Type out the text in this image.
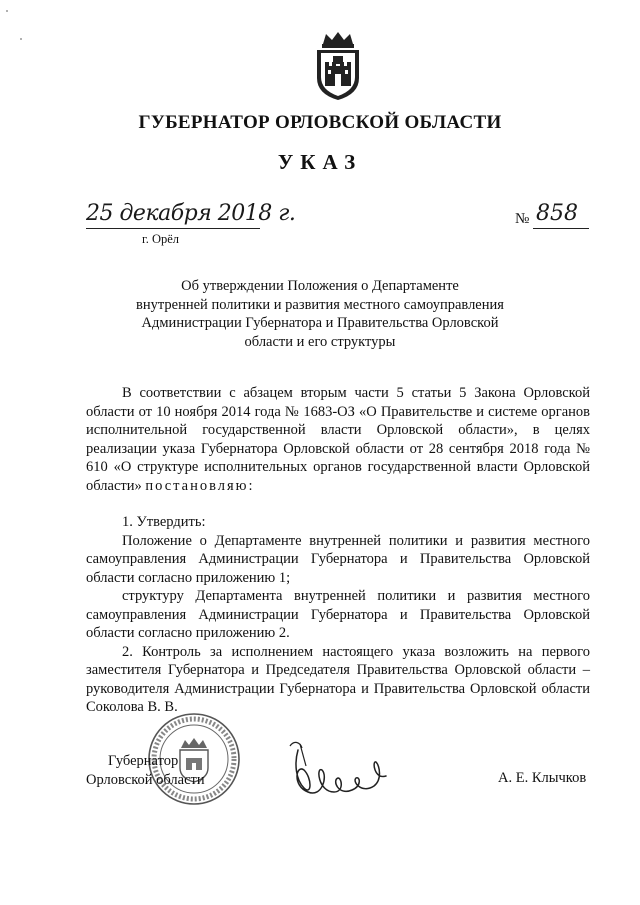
ГУБЕРНАТОР ОРЛОВСКОЙ ОБЛАСТИ
УКАЗ
25 декабря 2018 г.	№ 858
г. Орёл
Об утверждении Положения о Департаменте
внутренней политики и развития местного самоуправления
Администрации Губернатора и Правительства Орловской
области и его структуры

В соответствии с абзацем вторым части 5 статьи 5 Закона Орловской области от 10 ноября 2014 года № 1683-ОЗ «О Правительстве и системе органов исполнительной государственной власти Орловской области», в целях реализации указа Губернатора Орловской области от 28 сентября 2018 года № 610 «О структуре исполнительных органов государственной власти Орловской области» постановляю:

1. Утвердить:

Положение о Департаменте внутренней политики и развития местного самоуправления Администрации Губернатора и Правительства Орловской области согласно приложению 1;

структуру Департамента внутренней политики и развития местного самоуправления Администрации Губернатора и Правительства Орловской области согласно приложению 2.

2. Контроль за исполнением настоящего указа возложить на первого заместителя Губернатора и Председателя Правительства Орловской области – руководителя Администрации Губернатора и Правительства Орловской области Соколова В. В.

Губернатор
Орловской области	А. Е. Клычков
